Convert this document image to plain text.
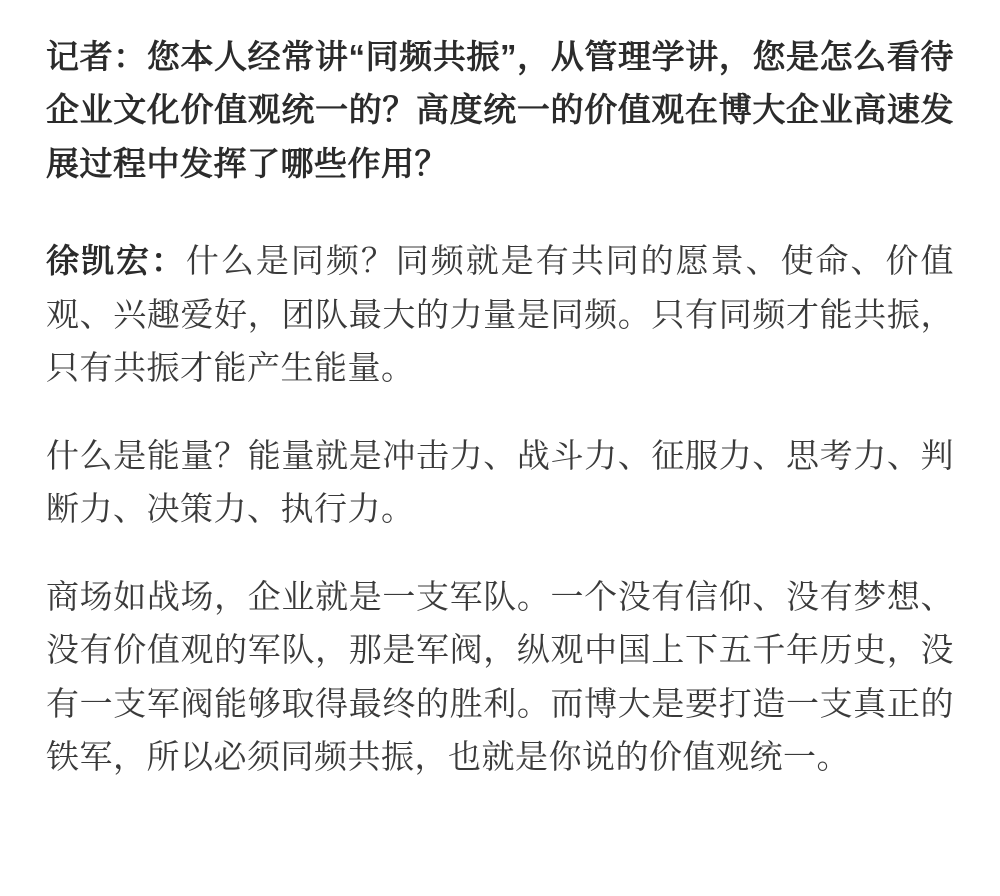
记者：您本人经常讲“同频共振”，从管理学讲，您是怎么看待企业文化价值观统一的？高度统一的价值观在博大企业高速发展过程中发挥了哪些作用？

徐凯宏：什么是同频？同频就是有共同的愿景、使命、价值观、兴趣爱好，团队最大的力量是同频。只有同频才能共振，只有共振才能产生能量。

什么是能量？能量就是冲击力、战斗力、征服力、思考力、判断力、决策力、执行力。

商场如战场，企业就是一支军队。一个没有信仰、没有梦想、没有价值观的军队，那是军阀，纵观中国上下五千年历史，没有一支军阀能够取得最终的胜利。而博大是要打造一支真正的铁军，所以必须同频共振，也就是你说的价值观统一。
